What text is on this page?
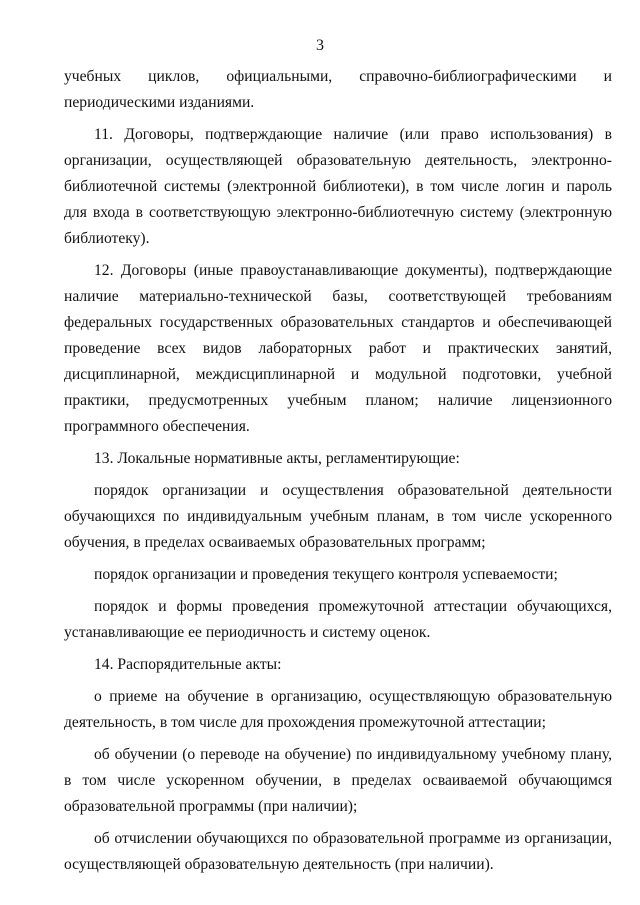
3

учебных циклов, официальными, справочно-библиографическими и периодическими изданиями.

11. Договоры, подтверждающие наличие (или право использования) в организации, осуществляющей образовательную деятельность, электронно-библиотечной системы (электронной библиотеки), в том числе логин и пароль для входа в соответствующую электронно-библиотечную систему (электронную библиотеку).

12. Договоры (иные правоустанавливающие документы), подтверждающие наличие материально-технической базы, соответствующей требованиям федеральных государственных образовательных стандартов и обеспечивающей проведение всех видов лабораторных работ и практических занятий, дисциплинарной, междисциплинарной и модульной подготовки, учебной практики, предусмотренных учебным планом; наличие лицензионного программного обеспечения.

13. Локальные нормативные акты, регламентирующие:

порядок организации и осуществления образовательной деятельности обучающихся по индивидуальным учебным планам, в том числе ускоренного обучения, в пределах осваиваемых образовательных программ;

порядок организации и проведения текущего контроля успеваемости;

порядок и формы проведения промежуточной аттестации обучающихся, устанавливающие ее периодичность и систему оценок.

14. Распорядительные акты:

о приеме на обучение в организацию, осуществляющую образовательную деятельность, в том числе для прохождения промежуточной аттестации;

об обучении (о переводе на обучение) по индивидуальному учебному плану, в том числе ускоренном обучении, в пределах осваиваемой обучающимся образовательной программы (при наличии);

об отчислении обучающихся по образовательной программе из организации, осуществляющей образовательную деятельность (при наличии).
